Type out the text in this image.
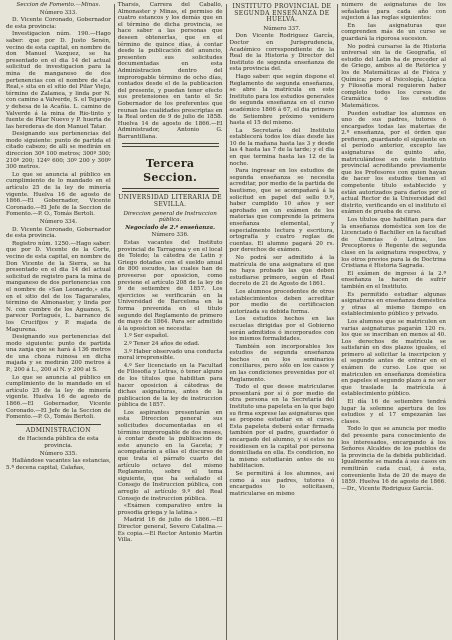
Seccion de Fomento.—Minas.
Número 333.
D. Vicente Coronado, Gobernador de esta provincia:
Investigacion núm. 190.—Hago saber: que por D. Justo Senén, vecino de esta capital, en nombre de don Manuel Vazquez, se ha presentado en el dia 14 del actual solicitud de investigacion para la mina de manganeso de dos pertenencias con el nombre de «La Real,» sita en el sitio del Pilar Viejo, término de Zalamea, y linda por N. con camino a Valverde, S. el Tejarejo y dehesa de la Acañia. L. camino de Valverde á la mina de Rio-tinto y fuente de Pilar Nuevo y P. huerta de las herederas de don Manuel Tatar.
Designando sus pertenencias del modo siguiente: punto de partida el citado cabezo; de allí se medirán en direccion 30º 100 metros; 300º 300; 210º 200; 124º 600; 30º 200 y 300º 300 metros.
Lo que se anuncia al público en cumplimiento de lo mandado en el artículo 25 de la ley de minería vigente. Huelva 16 de agosto de 1866.—El Gobernador, Vicente Coronado.—El Jefe de la Seccion de Fomento.—P. O., Tomás Bertoli.
Número 334.
D. Vicente Coronado, Gobernador de esta provincia.
Registro núm. 1250.—Hago saber: que por D. Vicente de la Corte, vecino de esta capital, en nombre de Don Vicente de la Sierra, se ha presentado en el dia 14 del actual solicitud de registro para la mina de manganeso de dos pertenencias con el nombre de «San Leonardo,» sita en el sitio del de los Tagararales, término de Almonaster, y linda por N. con cumbre de los Aguanos, S. parecer Portugués, L. barranco de los Crucifijos y P. majada de Magurena.
Designando sus pertenencias del modo siguiente: punto de partida una zanja que se hará á 136 metros de una choza ruinosa en dicha majada y se medirán 200 metros á P., 200 á L., 200 al N. y 200 al S.
Lo que se anuncia al público en cumplimiento de lo mandado en el artículo 25 de la ley de minería vigente. Huelva 16 de agosto de 1866.—El Gobernador, Vicente Coronado.—El Jefe de la Seccion de Fomento.—P. O., Tomás Bertoli.
ADMINISTRACION
de Hacienda pública de esta provincia.
Número 335.
Hallándose vacantes las estancias, 5.ª decena capital, Calañas,
Tharsis, Carrera del Caballo, Almonaster y Minas, el permiso de cuatro estancos y los demás que en el término de dicha provincia, se hace saber a las personas que deseen obtenerlas, que en el término de quince días, á contar desde la publicación del anuncio, presenten sus solicitudes documentadas en esta Administracion dentro del improrogable término de ocho días, contados desde el de la publicacion del presente, y puedan tener efecto sus pretensiones en tanto el Sr. Gobernador de los preferentes que reunan las cualidades prescriptas en la Real orden de 9 de julio de 1858. Huelva 14 de agosto de 1866.—El Administrador, Antonio G. Barrantillana.
Tercera Seccion.
UNIVERSIDAD LITERARIA DE SEVILLA.
Direccion general de Instruccion pública.
Negociado de 2.ª enseñanza.
Número 336.
Estas vacantes del Instituto provincial de Tarragona y en el local de Toledo; la cátedra de Latin y Griego dotadas con el sueldo anual de 800 escudos, las cuales han de proveerse por oposicion, como previene el artículo 208 de la ley de 9 de setiembre de 1857. Los ejercicios se verificarán en la Universidad de Barcelona en la forma prevenida en el título segundo del Reglamento de primero de mayo de 1864. Para ser admitido á la oposicion se necesita:
1.º Ser español.
2.º Tener 24 años de edad.
3.º Haber observado una conducta moral irreprensible.
4.º Ser licenciado en la Facultad de Filosofía y Letras, ó tener alguno de los títulos que habilitan para hacer oposicion á cátedras de dichas asignaturas, antes de la publicacion de la ley de instruccion pública de 1857.
Los aspirantes presentarán en esta Direccion general sus solicitudes documentadas en el término improrogable de dos meses, á contar desde la publicacion de este anuncio en la Gaceta; y acompañarán a ellas el discurso de que trata el párrafo cuarto del artículo octavo del mismo Reglamento, sobre el tema siguiente, que ha señalado el Consejo de Instruccion pública, con arreglo al artículo 9.º del Real Consejo de instruccion pública.
«Exámen comparativo entre la prosodia griega y la latina.»
Madrid 16 de julio de 1866.—El Director general, Severo Catalina.—Es copia.—El Rector Antonio Martin Villa.
INSTITUTO PROVINCIAL DE SEGUNDA ENSEÑANZA DE HUELVA.
Número 337.
Don Vicente Rodriguez García, Doctor en Jurisprudencia, Académico correspondiente de la Real de la Historia y Director del Instituto de segunda enseñanza de esta provincia del.
Hago saber: que según dispone el Reglamento de segunda enseñanza, se abre la matrícula en este Instituto para los estudios generales de segunda enseñanza en el curso académico 1866 á 67, el dia primero de Setiembre próximo venidero hasta el 15 del mismo.
La Secretaría del Instituto establecerá todos los días desde las 10 de la mañana hasta las 3 y desde las 4 hasta las 7 de la tarde; y el dia en que termina hasta las 12 de la noche.
Para ingresar en los estudios de segunda enseñanza se necesita acreditar, por medio de la partida de bautismo, que se acompañará á la solicitud en papel del sello 9.º, haber cumplido 10 años y ser aprobado en un exámen de los materias que comprende la primera enseñanza elemental, y especialmente lectura y escritura, ortografía y cuatro reglas de cuentas. El alumno pagará 20 rs. por derechos de exámen.
No podrá ser admitido á la matrícula de una asignatura el que no haya probado las que deben estudiarse primero, según el Real decreto de 21 de Agosto de 1861.
Los alumnos procedentes de otros establecimientos deben acreditar por medio de certificacion autorizada su debida forma.
Los estudios hechos en las escuelas dirigidas por el Gobierno serán admitidos ó incorporados con los mismos formalidades.
También son incorporables los estudios de segunda enseñanza hechos en los seminarios conciliares, pero sólo en los casos y en las condiciones prevenidas por el Reglamento.
Todo el que desee matricularse presentará por sí ó por medio de otra persona en la Secretaría del Instituto una papeleta en la que bajo su firma exprese las asignaturas que se propone estudiar en el curso. Esta papeleta deberá estar firmada también por el padre, guardador ó encargado del alumno, y si estos no residiesen en la capital por persona domiciliada en ella. Es condicion, no la mismo estudiarán antes de su habilitacion.
Se permitirá á los alumnos, así como á sus padres, tutores ó encargados lo solicitasen, matricularse en mismo
número de asignaturas de los señaladas para cada año con sujecion á las reglas siguientes:
En las asignaturas que comprenden más de un curso se guardará la rigorosa sucesion.
No podrá cursarse la de Historia universal sin la de Geografía, el estudio del Latin ha de preceder al de Griego, ambos al de Retórica y los de Matemáticas al de Física y Química; pero el Psicología, Lógica y Filosofía moral requieren haber completo todos los cursos de Gramática ó los estudios Matemáticos.
Pueden estudiar los alumnos en uno de sus padres, tutores ó encargados todas las materias de 2.ª enseñanza, por el órden que prefieren, guardando el siguiente en el período anterior, excepto las asignaturas de quinto año, matriculándose en este Instituto provincial acreditando previamente que los Profesores con quien hayan de hacer los estudios tienen el competente título establecido y están autorizados para darlos por el actual Rector de la Universidad del distrito, verificando en el instituto el exámen de prueba de curso.
Los títulos que habilitan para dar la enseñanza doméstica son los de Licenciado ó Bachiller en la facultad de Ciencias ó Letras, los Preceptores ó Regente de segunda clase en la asignatura respectiva, y los otros previos para la de Doctrina Cristiana é Historia Sagrada.
El exámen de ingreso á la 2.ª enseñanza la hacen de sufrir también en el Instituto.
Es permitido estudiar algunas asignaturas en enseñanza doméstica y otras al mismo tiempo en establecimiento público y privado.
Los alumnos que se matriculen en varias asignaturas pagarán 120 rs. los que se inscriban en menos al 40. Los derechos de matrícula se satisfarán en dos plazos iguales, el primero al solicitar la inscripcion y el segundo antes de entrar en el exámen de curso. Los que se matriculen en enseñanza doméstica en papeles el segundo plazo á no ser que traslade la matrícula á establecimiento público.
El día 16 de setiembre tendrá lugar la solemne apertura de los estudios y el 17 empezarán las clases.
Todo lo que se anuncia por medio del presente para conocimiento de los interesados, encargando á los Señores Alcaldes de los pueblos de la provincia de la debida publicidad. Igualmente se manda á sus casos en remitirán cada cual, á esta, conveniente lista de 20 de mayo de 1859. Huelva 16 de agosto de 1866.—Dr., Vicente Rodriguez García.
